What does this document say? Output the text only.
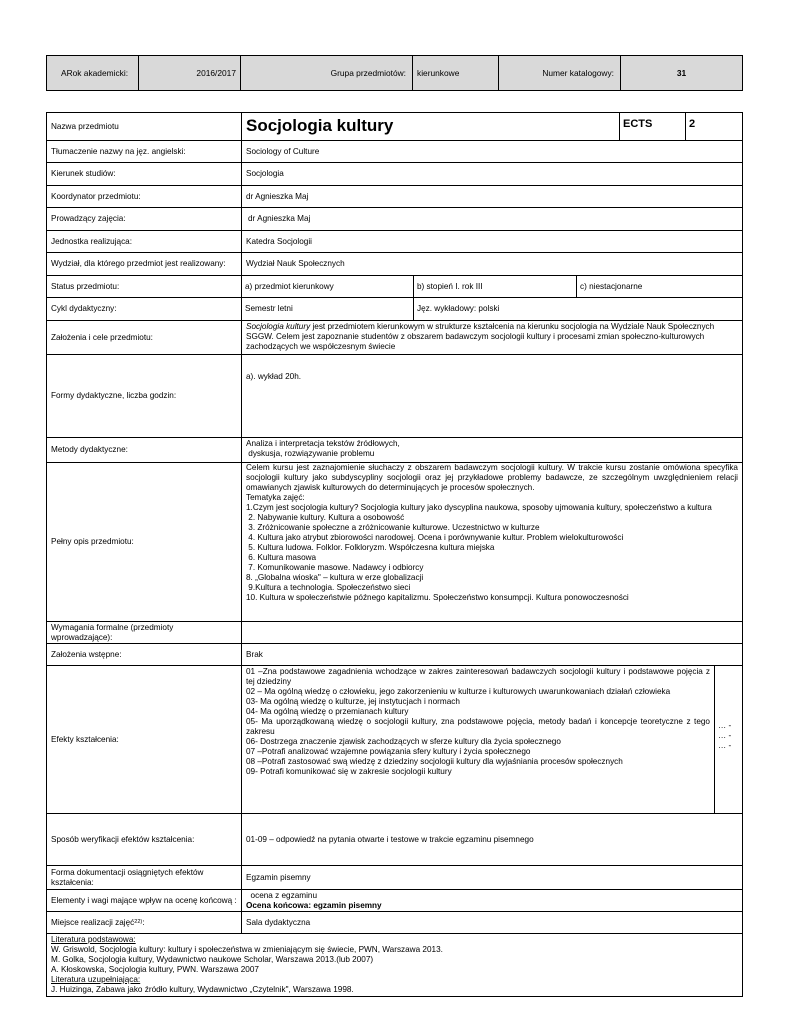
ARok akademicki:	2016/2017	Grupa przedmiotów:	kierunkowe	Numer katalogowy:	31
Nazwa przedmiotu	Socjologia kultury	ECTS	2
Tłumaczenie nazwy na jęz. angielski:	Sociology of Culture
Kierunek studiów:	Socjologia
Koordynator przedmiotu:	dr Agnieszka Maj
Prowadzący zajęcia:	dr Agnieszka Maj
Jednostka realizująca:	Katedra Socjologii
Wydział, dla którego przedmiot jest realizowany:	Wydział Nauk Społecznych
Status przedmiotu:	a) przedmiot kierunkowy	b) stopień I. rok III	c) niestacjonarne
Cykl dydaktyczny:	Semestr letni	Jęz. wykładowy: polski
Założenia i cele przedmiotu:
Socjologia kultury jest przedmiotem kierunkowym w strukturze kształcenia na kierunku socjologia na Wydziale Nauk Społecznych SGGW. Celem jest zapoznanie studentów z obszarem badawczym socjologii kultury i procesami zmian społeczno-kulturowych zachodzących we współczesnym świecie
Formy dydaktyczne, liczba godzin:
a). wykład 20h.
Metody dydaktyczne:
Analiza i interpretacja tekstów źródłowych,
dyskusja, rozwiązywanie problemu
Pełny opis przedmiotu:
Celem kursu jest zaznajomienie słuchaczy z obszarem badawczym socjologii kultury. W trakcie kursu zostanie omówiona specyfika socjologii kultury jako subdyscypliny socjologii oraz jej przykładowe problemy badawcze, ze szczególnym uwzględnieniem relacji omawianych zjawisk kulturowych do determinujących je procesów społecznych.
Tematyka zajęć:
1.Czym jest socjologia kultury? Socjologia kultury jako dyscyplina naukowa, sposoby ujmowania kultury, społeczeństwo a kultura
2. Nabywanie kultury. Kultura a osobowość
3. Zróżnicowanie społeczne a zróżnicowanie kulturowe. Uczestnictwo w kulturze
4. Kultura jako atrybut zbiorowości narodowej. Ocena i porównywanie kultur. Problem wielokulturowości
5. Kultura ludowa. Folklor. Folkloryzm. Współczesna kultura miejska
6. Kultura masowa
7. Komunikowanie masowe. Nadawcy i odbiorcy
8. „Globalna wioska" – kultura w erze globalizacji
9.Kultura a technologia. Społeczeństwo sieci
10. Kultura w społeczeństwie późnego kapitalizmu. Społeczeństwo konsumpcji. Kultura ponowoczesności
Wymagania formalne (przedmioty wprowadzające):
Założenia wstępne:	Brak
Efekty kształcenia:
01 –Zna podstawowe zagadnienia wchodzące w zakres zainteresowań badawczych socjologii kultury i podstawowe pojęcia z tej dziedziny
02 – Ma ogólną wiedzę o człowieku, jego zakorzenieniu w kulturze i kulturowych uwarunkowaniach działań człowieka
03- Ma ogólną wiedzę o kulturze, jej instytucjach i normach
04- Ma ogólną wiedzę o przemianach kultury
05- Ma uporządkowaną wiedzę o socjologii kultury, zna podstawowe pojęcia, metody badań i koncepcje teoretyczne z tego zakresu
06- Dostrzega znaczenie zjawisk zachodzących w sferze kultury dla życia społecznego
07 –Potrafi analizować wzajemne powiązania sfery kultury i życia społecznego
08 –Potrafi zastosować swą wiedzę z dziedziny socjologii kultury dla wyjaśniania procesów społecznych
09- Potrafi komunikować się w zakresie socjologii kultury
… -
… -
… -
Sposób weryfikacji efektów kształcenia:	01-09 – odpowiedź na pytania otwarte i testowe w trakcie egzaminu pisemnego
Forma dokumentacji osiągniętych efektów kształcenia:
Egzamin pisemny
Elementy i wagi mające wpływ na ocenę końcową :	ocena z egzaminu
Ocena końcowa: egzamin pisemny
Miejsce realizacji zajęć 22) :	Sala dydaktyczna
Literatura podstawowa:
W. Griswold, Socjologia kultury: kultury i społeczeństwa w zmieniającym się świecie, PWN, Warszawa 2013.
M. Golka, Socjologia kultury, Wydawnictwo naukowe Scholar, Warszawa 2013.(lub 2007)
A. Kłoskowska, Socjologia kultury, PWN. Warszawa 2007
Literatura uzupełniająca:
J. Huizinga, Zabawa jako źródło kultury, Wydawnictwo „Czytelnik", Warszawa 1998.
